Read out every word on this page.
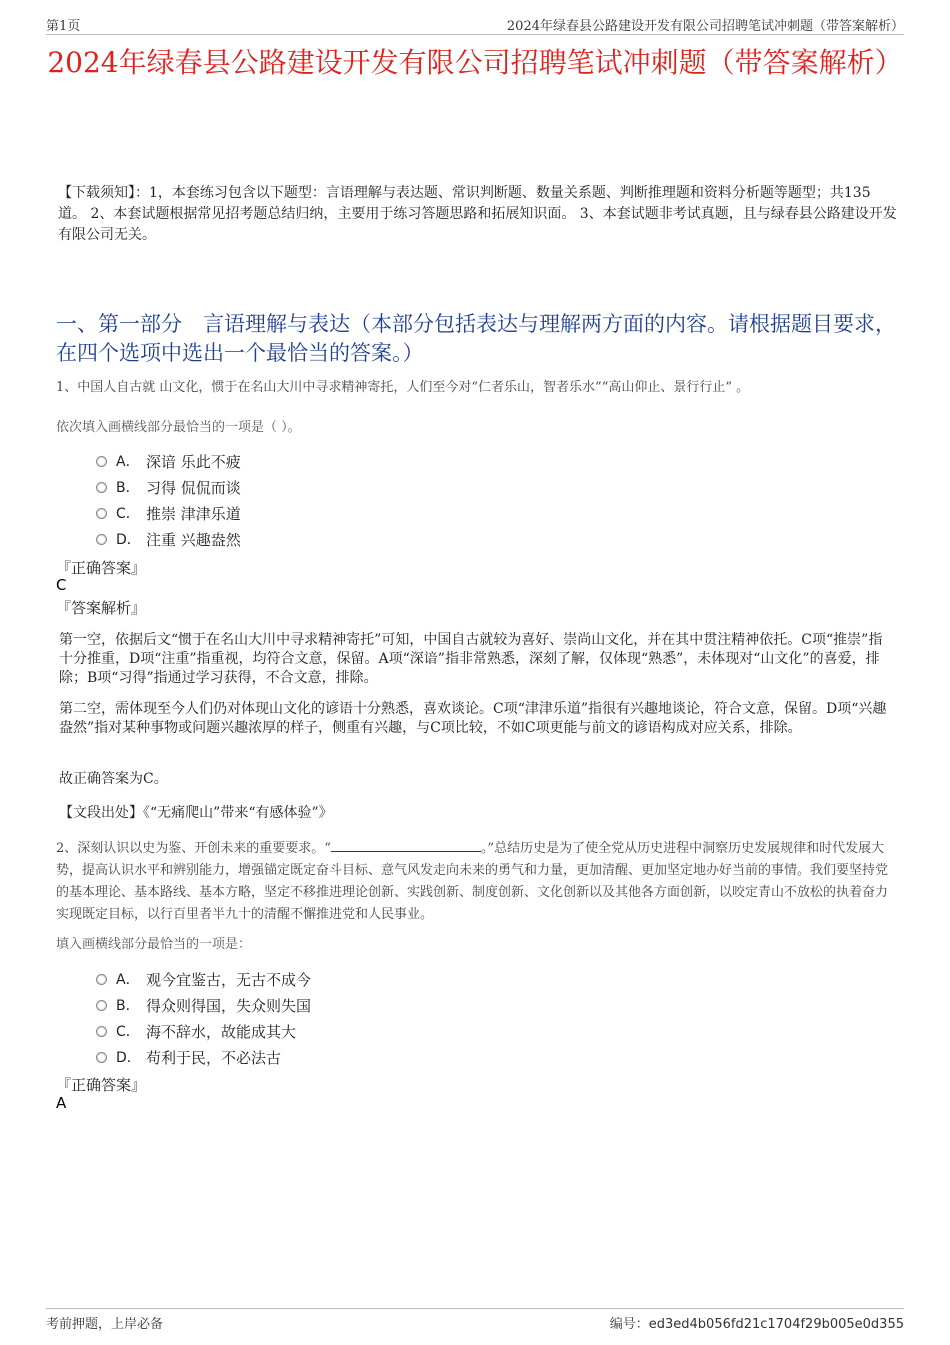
第1页	2024年绿春县公路建设开发有限公司招聘笔试冲刺题（带答案解析）
2024年绿春县公路建设开发有限公司招聘笔试冲刺题（带答案解析）
【下载须知】：1，本套练习包含以下题型：言语理解与表达题、常识判断题、数量关系题、判断推理题和资料分析题等题型；共135道。 2、本套试题根据常见招考题总结归纳，主要用于练习答题思路和拓展知识面。 3、本套试题非考试真题，且与绿春县公路建设开发有限公司无关。
一、第一部分　言语理解与表达（本部分包括表达与理解两方面的内容。请根据题目要求，在四个选项中选出一个最恰当的答案。）
1、中国人自古就 山文化，惯于在名山大川中寻求精神寄托，人们至今对“仁者乐山，智者乐水”“高山仰止、景行行止” 。
依次填入画横线部分最恰当的一项是（ ）。
A． 深谙 乐此不疲
B． 习得 侃侃而谈
C． 推崇 津津乐道
D． 注重 兴趣盎然
『正确答案』
C
『答案解析』
第一空，依据后文“惯于在名山大川中寻求精神寄托”可知，中国自古就较为喜好、崇尚山文化，并在其中贯注精神依托。C项“推崇”指十分推重，D项“注重”指重视，均符合文意，保留。A项“深谙”指非常熟悉，深刻了解，仅体现“熟悉”，未体现对“山文化”的喜爱，排除；B项“习得”指通过学习获得，不合文意，排除。
第二空，需体现至今人们仍对体现山文化的谚语十分熟悉，喜欢谈论。C项“津津乐道”指很有兴趣地谈论，符合文意，保留。D项“兴趣盎然”指对某种事物或问题兴趣浓厚的样子，侧重有兴趣，与C项比较，不如C项更能与前文的谚语构成对应关系，排除。
故正确答案为C。
【文段出处】《“无痛爬山”带来“有感体验”》
2、深刻认识以史为鉴、开创未来的重要要求。“	。”总结历史是为了使全党从历史进程中洞察历史发展规律和时代发展大势，提高认识水平和辨别能力，增强锚定既定奋斗目标、意气风发走向未来的勇气和力量，更加清醒、更加坚定地办好当前的事情。我们要坚持党的基本理论、基本路线、基本方略，坚定不移推进理论创新、实践创新、制度创新、文化创新以及其他各方面创新，以咬定青山不放松的执着奋力实现既定目标，以行百里者半九十的清醒不懈推进党和人民事业。
填入画横线部分最恰当的一项是：
A． 观今宜鉴古，无古不成今
B． 得众则得国，失众则失国
C． 海不辞水，故能成其大
D． 苟利于民，不必法古
『正确答案』
A
考前押题，上岸必备	编号：ed3ed4b056fd21c1704f29b005e0d355
